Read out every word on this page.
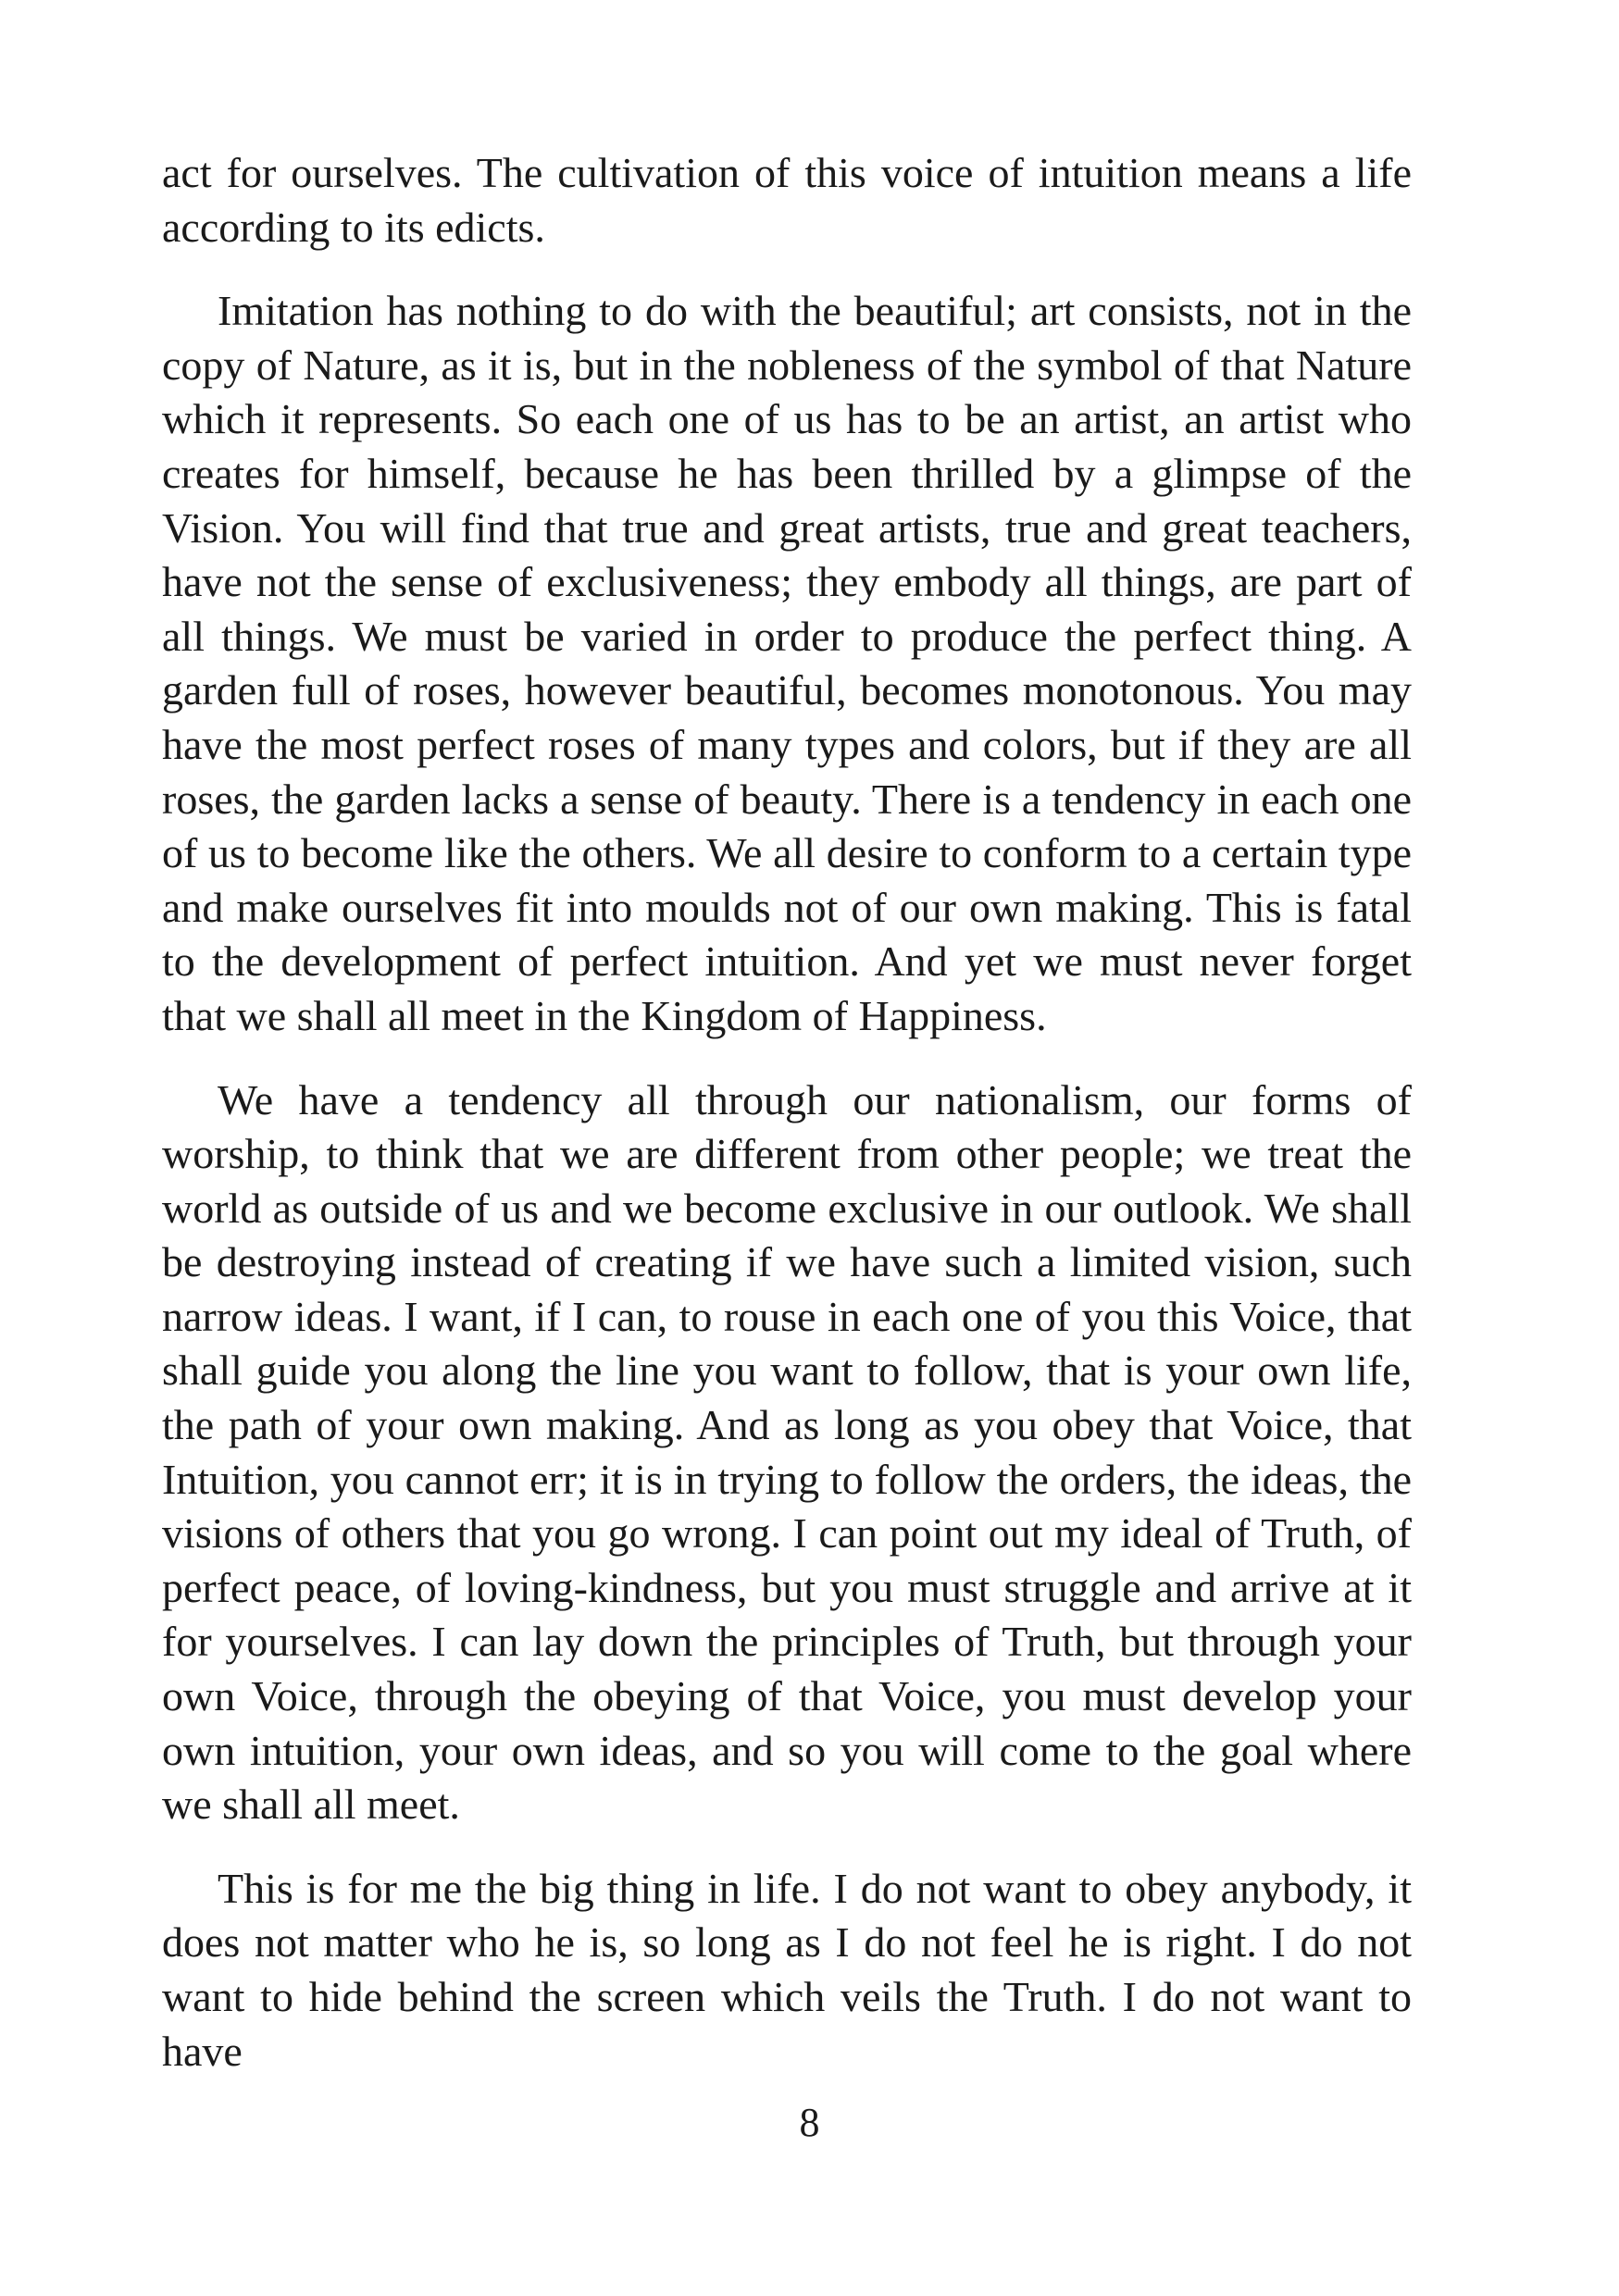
act for ourselves. The cultivation of this voice of intuition means a life according to its edicts.

Imitation has nothing to do with the beautiful; art consists, not in the copy of Nature, as it is, but in the nobleness of the symbol of that Nature which it represents. So each one of us has to be an artist, an artist who creates for himself, because he has been thrilled by a glimpse of the Vision. You will find that true and great artists, true and great teachers, have not the sense of exclusiveness; they embody all things, are part of all things. We must be varied in order to produce the perfect thing. A garden full of roses, however beautiful, becomes monotonous. You may have the most perfect roses of many types and colors, but if they are all roses, the garden lacks a sense of beauty. There is a tendency in each one of us to become like the others. We all desire to conform to a certain type and make ourselves fit into moulds not of our own making. This is fatal to the development of perfect intuition. And yet we must never forget that we shall all meet in the Kingdom of Happiness.

We have a tendency all through our nationalism, our forms of worship, to think that we are different from other people; we treat the world as outside of us and we become exclusive in our outlook. We shall be destroying instead of creating if we have such a limited vision, such narrow ideas. I want, if I can, to rouse in each one of you this Voice, that shall guide you along the line you want to follow, that is your own life, the path of your own making. And as long as you obey that Voice, that Intuition, you cannot err; it is in trying to follow the orders, the ideas, the visions of others that you go wrong. I can point out my ideal of Truth, of perfect peace, of loving-kindness, but you must struggle and arrive at it for yourselves. I can lay down the principles of Truth, but through your own Voice, through the obeying of that Voice, you must develop your own intuition, your own ideas, and so you will come to the goal where we shall all meet.

This is for me the big thing in life. I do not want to obey anybody, it does not matter who he is, so long as I do not feel he is right. I do not want to hide behind the screen which veils the Truth. I do not want to have

8
